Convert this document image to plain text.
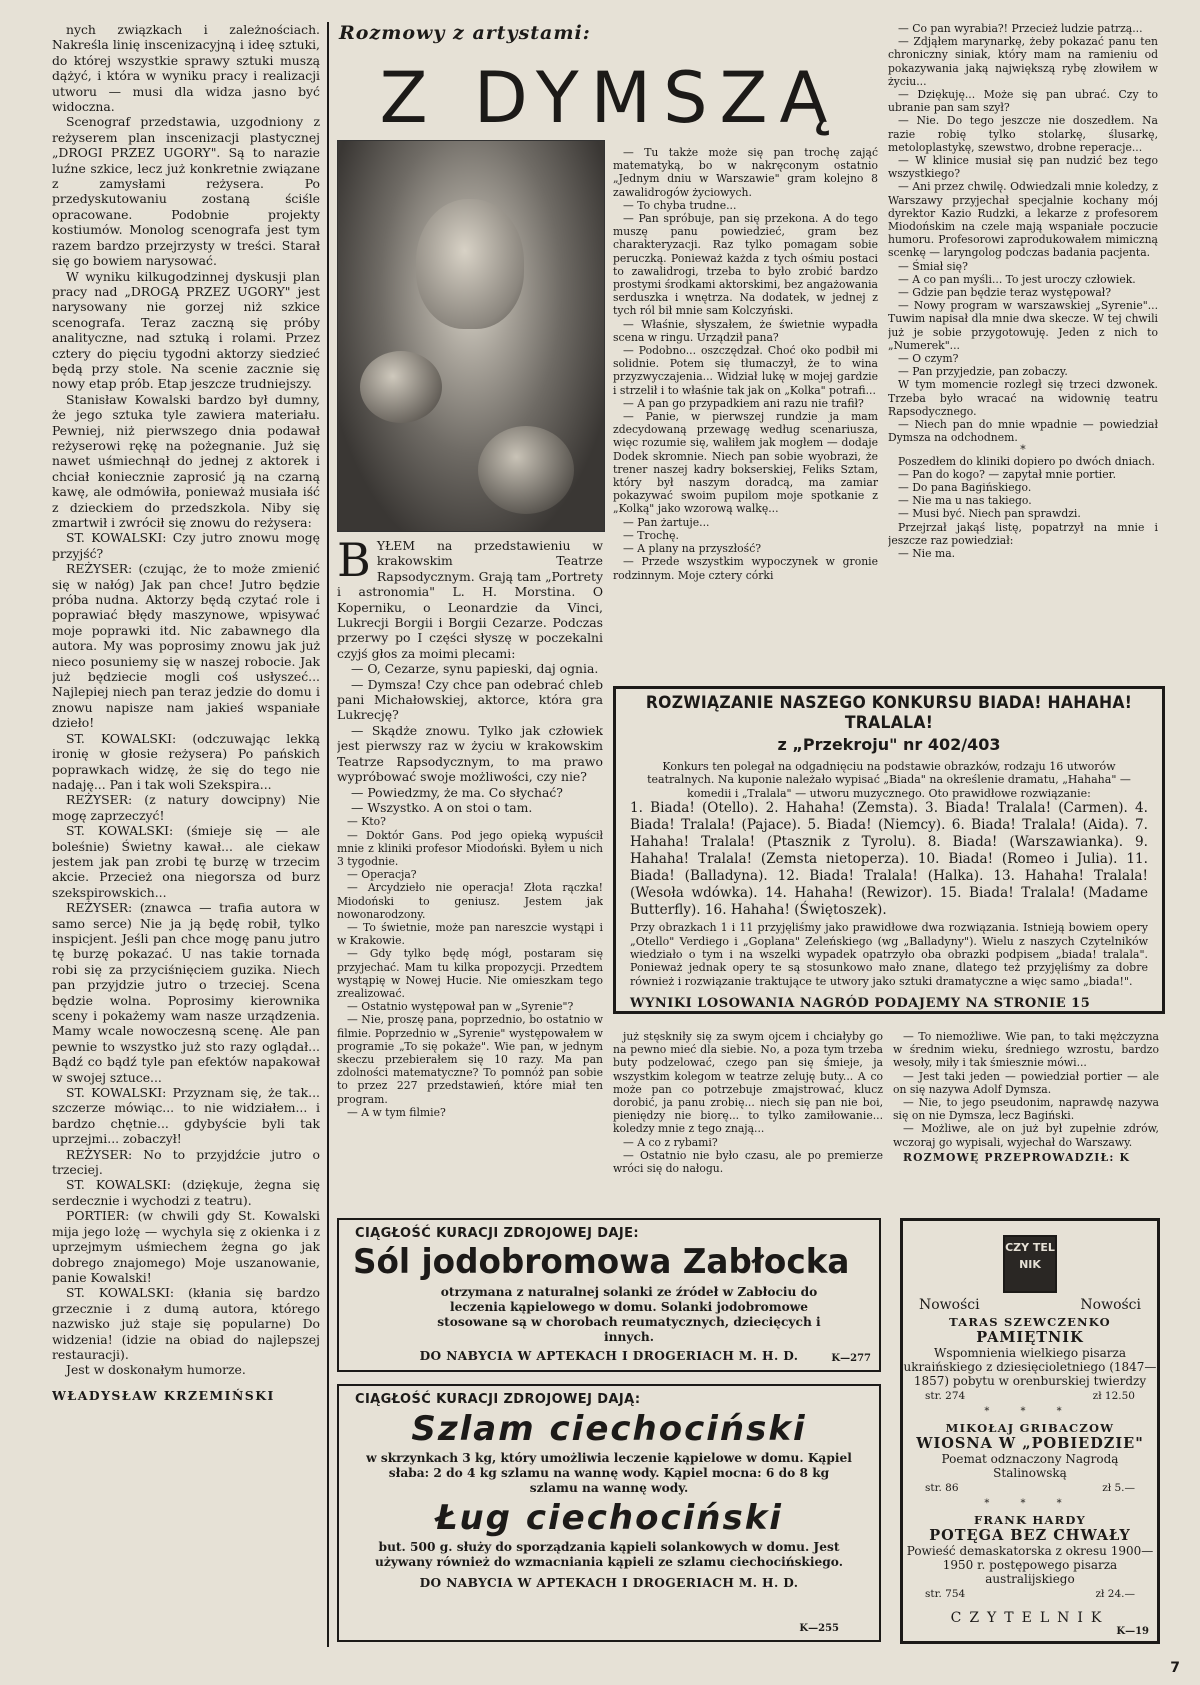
nych związkach i zależnościach. Nakreśla linię inscenizacyjną i ideę sztuki, do której wszystkie sprawy sztuki muszą dążyć, i która w wyniku pracy i realizacji utworu — musi dla widza jasno być widoczna.

Scenograf przedstawia, uzgodniony z reżyserem plan inscenizacji plastycznej „DROGI PRZEZ UGORY". Są to narazie luźne szkice, lecz już konkretnie związane z zamysłami reżysera. Po przedyskutowaniu zostaną ściśle opracowane. Podobnie projekty kostiumów. Monolog scenografa jest tym razem bardzo przejrzysty w treści. Starał się go bowiem narysować.

W wyniku kilkugodzinnej dyskusji plan pracy nad „DROGĄ PRZEZ UGORY" jest narysowany nie gorzej niż szkice scenografa. Teraz zaczną się próby analityczne, nad sztuką i rolami. Przez cztery do pięciu tygodni aktorzy siedzieć będą przy stole. Na scenie zacznie się nowy etap prób. Etap jeszcze trudniejszy.

Stanisław Kowalski bardzo był dumny, że jego sztuka tyle zawiera materiału. Pewniej, niż pierwszego dnia podawał reżyserowi rękę na pożegnanie. Już się nawet uśmiechnął do jednej z aktorek i chciał koniecznie zaprosić ją na czarną kawę, ale odmówiła, ponieważ musiała iść z dzieckiem do przedszkola. Niby się zmartwił i zwrócił się znowu do reżysera:

ST. KOWALSKI: Czy jutro znowu mogę przyjść?

REŻYSER: (czując, że to może zmienić się w nałóg) Jak pan chce! Jutro będzie próba nudna. Aktorzy będą czytać role i poprawiać błędy maszynowe, wpisywać moje poprawki itd. Nic zabawnego dla autora. My was poprosimy znowu jak już nieco posuniemy się w naszej robocie. Jak już będziecie mogli coś usłyszeć... Najlepiej niech pan teraz jedzie do domu i znowu napisze nam jakieś wspaniałe dzieło!

ST. KOWALSKI: (odczuwając lekką ironię w głosie reżysera) Po pańskich poprawkach widzę, że się do tego nie nadaję... Pan i tak woli Szekspira...

REŻYSER: (z natury dowcipny) Nie mogę zaprzeczyć!

ST. KOWALSKI: (śmieje się — ale boleśnie) Świetny kawał... ale ciekaw jestem jak pan zrobi tę burzę w trzecim akcie. Przecież ona niegorsza od burz szekspirowskich...

REŻYSER: (znawca — trafia autora w samo serce) Nie ja ją będę robił, tylko inspicjent. Jeśli pan chce mogę panu jutro tę burzę pokazać. U nas takie tornada robi się za przyciśnięciem guzika. Niech pan przyjdzie jutro o trzeciej. Scena będzie wolna. Poprosimy kierownika sceny i pokażemy wam nasze urządzenia. Mamy wcale nowoczesną scenę. Ale pan pewnie to wszystko już sto razy oglądał... Bądź co bądź tyle pan efektów napakował w swojej sztuce...

ST. KOWALSKI: Przyznam się, że tak... szczerze mówiąc... to nie widziałem... i bardzo chętnie... gdybyście byli tak uprzejmi... zobaczył!

REŻYSER: No to przyjdźcie jutro o trzeciej.

ST. KOWALSKI: (dziękuje, żegna się serdecznie i wychodzi z teatru).

PORTIER: (w chwili gdy St. Kowalski mija jego lożę — wychyla się z okienka i z uprzejmym uśmiechem żegna go jak dobrego znajomego) Moje uszanowanie, panie Kowalski!

ST. KOWALSKI: (kłania się bardzo grzecznie i z dumą autora, którego nazwisko już staje się popularne) Do widzenia! (idzie na obiad do najlepszej restauracji).

Jest w doskonałym humorze.

WŁADYSŁAW KRZEMIŃSKI

Rozmowy z artystami:
Z DYMSZĄ

BYŁEM na przedstawieniu w krakowskim Teatrze Rapsodycznym. Grają tam „Portrety i astronomia" L. H. Morstina. O Koperniku, o Leonardzie da Vinci, Lukrecji Borgii i Borgii Cezarze. Podczas przerwy po I części słyszę w poczekalni czyjś głos za moimi plecami:

— O, Cezarze, synu papieski, daj ognia.

— Dymsza! Czy chce pan odebrać chleb pani Michałowskiej, aktorce, która gra Lukrecję?

— Skądże znowu. Tylko jak człowiek jest pierwszy raz w życiu w krakowskim Teatrze Rapsodycznym, to ma prawo wypróbować swoje możliwości, czy nie?

— Powiedzmy, że ma. Co słychać?

— Wszystko. A on stoi o tam.

— Kto?

— Doktór Gans. Pod jego opieką wypuścił mnie z kliniki profesor Miodoński. Byłem u nich 3 tygodnie.

— Operacja?

— Arcydzieło nie operacja! Złota rączka! Miodoński to geniusz. Jestem jak nowonarodzony.

— To świetnie, może pan nareszcie wystąpi i w Krakowie.

— Gdy tylko będę mógł, postaram się przyjechać. Mam tu kilka propozycji. Przedtem wystąpię w Nowej Hucie. Nie omieszkam tego zrealizować.

— Ostatnio występował pan w „Syrenie"?

— Nie, proszę pana, poprzednio, bo ostatnio w filmie. Poprzednio w „Syrenie" występowałem w programie „To się pokaże". Wie pan, w jednym skeczu przebierałem się 10 razy. Ma pan zdolności matematyczne? To pomnóż pan sobie to przez 227 przedstawień, które miał ten program.

— A w tym filmie?

— Tu także może się pan trochę zająć matematyką, bo w nakręconym ostatnio „Jednym dniu w Warszawie" gram kolejno 8 zawalidrogów życiowych.

— To chyba trudne...

— Pan spróbuje, pan się przekona. A do tego muszę panu powiedzieć, gram bez charakteryzacji. Raz tylko pomagam sobie peruczką. Ponieważ każda z tych ośmiu postaci to zawalidrogi, trzeba to było zrobić bardzo prostymi środkami aktorskimi, bez angażowania serduszka i wnętrza. Na dodatek, w jednej z tych ról bił mnie sam Kolczyński.

— Właśnie, słyszałem, że świetnie wypadła scena w ringu. Urządził pana?

— Podobno... oszczędzał. Choć oko podbił mi solidnie. Potem się tłumaczył, że to wina przyzwyczajenia... Widział lukę w mojej gardzie i strzelił i to właśnie tak jak on „Kolka" potrafi...

— A pan go przypadkiem ani razu nie trafił?

— Panie, w pierwszej rundzie ja mam zdecydowaną przewagę według scenariusza, więc rozumie się, waliłem jak mogłem — dodaje Dodek skromnie. Niech pan sobie wyobrazi, że trener naszej kadry bokserskiej, Feliks Sztam, który był naszym doradcą, ma zamiar pokazywać swoim pupilom moje spotkanie z „Kolką" jako wzorową walkę...

— Pan żartuje...

— Trochę.

— A plany na przyszłość?

— Przede wszystkim wypoczynek w gronie rodzinnym. Moje cztery córki

— Co pan wyrabia?! Przecież ludzie patrzą...

— Zdjąłem marynarkę, żeby pokazać panu ten chroniczny siniak, który mam na ramieniu od pokazywania jaką największą rybę złowiłem w życiu...

— Dziękuję... Może się pan ubrać. Czy to ubranie pan sam szył?

— Nie. Do tego jeszcze nie doszedłem. Na razie robię tylko stolarkę, ślusarkę, metoloplastykę, szewstwo, drobne reperacje...

— W klinice musiał się pan nudzić bez tego wszystkiego?

— Ani przez chwilę. Odwiedzali mnie koledzy, z Warszawy przyjechał specjalnie kochany mój dyrektor Kazio Rudzki, a lekarze z profesorem Miodońskim na czele mają wspaniałe poczucie humoru. Profesorowi zaprodukowałem mimiczną scenkę — laryngolog podczas badania pacjenta.

— Śmiał się?

— A co pan myśli... To jest uroczy człowiek.

— Gdzie pan będzie teraz występował?

— Nowy program w warszawskiej „Syrenie"... Tuwim napisał dla mnie dwa skecze. W tej chwili już je sobie przygotowuję. Jeden z nich to „Numerek"...

— O czym?

— Pan przyjedzie, pan zobaczy.

W tym momencie rozległ się trzeci dzwonek. Trzeba było wracać na widownię teatru Rapsodycznego.

— Niech pan do mnie wpadnie — powiedział Dymsza na odchodnem.

*

Poszedłem do kliniki dopiero po dwóch dniach.

— Pan do kogo? — zapytał mnie portier.

— Do pana Bagińskiego.

— Nie ma u nas takiego.

— Musi być. Niech pan sprawdzi.

Przejrzał jakąś listę, popatrzył na mnie i jeszcze raz powiedział:

— Nie ma.

ROZWIĄZANIE NASZEGO KONKURSU BIADA! HAHAHA! TRALALA!
z „Przekroju" nr 402/403
Konkurs ten polegał na odgadnięciu na podstawie obrazków, rodzaju 16 utworów teatralnych. Na kuponie należało wypisać „Biada" na określenie dramatu, „Hahaha" — komedii i „Tralala" — utworu muzycznego. Oto prawidłowe rozwiązanie:
1. Biada! (Otello). 2. Hahaha! (Zemsta). 3. Biada! Tralala! (Carmen). 4. Biada! Tralala! (Pajace). 5. Biada! (Niemcy). 6. Biada! Tralala! (Aida). 7. Hahaha! Tralala! (Ptasznik z Tyrolu). 8. Biada! (Warszawianka). 9. Hahaha! Tralala! (Zemsta nietoperza). 10. Biada! (Romeo i Julia). 11. Biada! (Balladyna). 12. Biada! Tralala! (Halka). 13. Hahaha! Tralala! (Wesoła wdówka). 14. Hahaha! (Rewizor). 15. Biada! Tralala! (Madame Butterfly). 16. Hahaha! (Świętoszek).
Przy obrazkach 1 i 11 przyjęliśmy jako prawidłowe dwa rozwiązania. Istnieją bowiem opery „Otello" Verdiego i „Goplana" Zeleńskiego (wg „Balladyny"). Wielu z naszych Czytelników wiedziało o tym i na wszelki wypadek opatrzyło oba obrazki podpisem „biada! tralala". Ponieważ jednak opery te są stosunkowo mało znane, dlatego też przyjęliśmy za dobre również i rozwiązanie traktujące te utwory jako sztuki dramatyczne a więc samo „biada!".
WYNIKI LOSOWANIA NAGRÓD PODAJEMY NA STRONIE 15

już stęskniły się za swym ojcem i chciałyby go na pewno mieć dla siebie. No, a poza tym trzeba buty podzelować, czego pan się śmieje, ja wszystkim kolegom w teatrze zeluję buty... A co może pan co potrzebuje zmajstrować, klucz dorobić, ja panu zrobię... niech się pan nie boi, pieniędzy nie biorę... to tylko zamiłowanie... koledzy mnie z tego znają...

— A co z rybami?

— Ostatnio nie było czasu, ale po premierze wróci się do nałogu.

— To niemożliwe. Wie pan, to taki mężczyzna w średnim wieku, średniego wzrostu, bardzo wesoły, miły i tak śmiesznie mówi...

— Jest taki jeden — powiedział portier — ale on się nazywa Adolf Dymsza.

— Nie, to jego pseudonim, naprawdę nazywa się on nie Dymsza, lecz Bagiński.

— Możliwe, ale on już był zupełnie zdrów, wczoraj go wypisali, wyjechał do Warszawy.

ROZMOWĘ PRZEPROWADZIŁ: K

CIĄGŁOŚĆ KURACJI ZDROJOWEJ DAJE:
Sól jodobromowa Zabłocka
otrzymana z naturalnej solanki ze źródeł w Zabłociu do leczenia kąpielowego w domu. Solanki jodobromowe stosowane są w chorobach reumatycznych, dziecięcych i innych.
DO NABYCIA W APTEKACH I DROGERIACH M. H. D.	K—277
CIĄGŁOŚĆ KURACJI ZDROJOWEJ DAJĄ:
Szlam ciechociński
w skrzynkach 3 kg, który umożliwia leczenie kąpielowe w domu. Kąpiel słaba: 2 do 4 kg szlamu na wannę wody. Kąpiel mocna: 6 do 8 kg szlamu na wannę wody.
Ług ciechociński
but. 500 g. służy do sporządzania kąpieli solankowych w domu. Jest używany również do wzmacniania kąpieli ze szlamu ciechocińskiego.
DO NABYCIA W APTEKACH I DROGERIACH M. H. D.
K—255
CZY TEL NIK
Nowości	Nowości
TARAS SZEWCZENKO
PAMIĘTNIK
Wspomnienia wielkiego pisarza ukraińskiego z dziesięcioletniego (1847—1857) pobytu w orenburskiej twierdzy
str. 274	zł 12.50
* * *
MIKOŁAJ GRIBACZOW
WIOSNA W „POBIEDZIE"
Poemat odznaczony Nagrodą Stalinowską
str. 86	zł 5.—
* * *
FRANK HARDY
POTĘGA BEZ CHWAŁY
Powieść demaskatorska z okresu 1900—1950 r. postępowego pisarza australijskiego
str. 754	zł 24.—
CZYTELNIK
K—19
7
